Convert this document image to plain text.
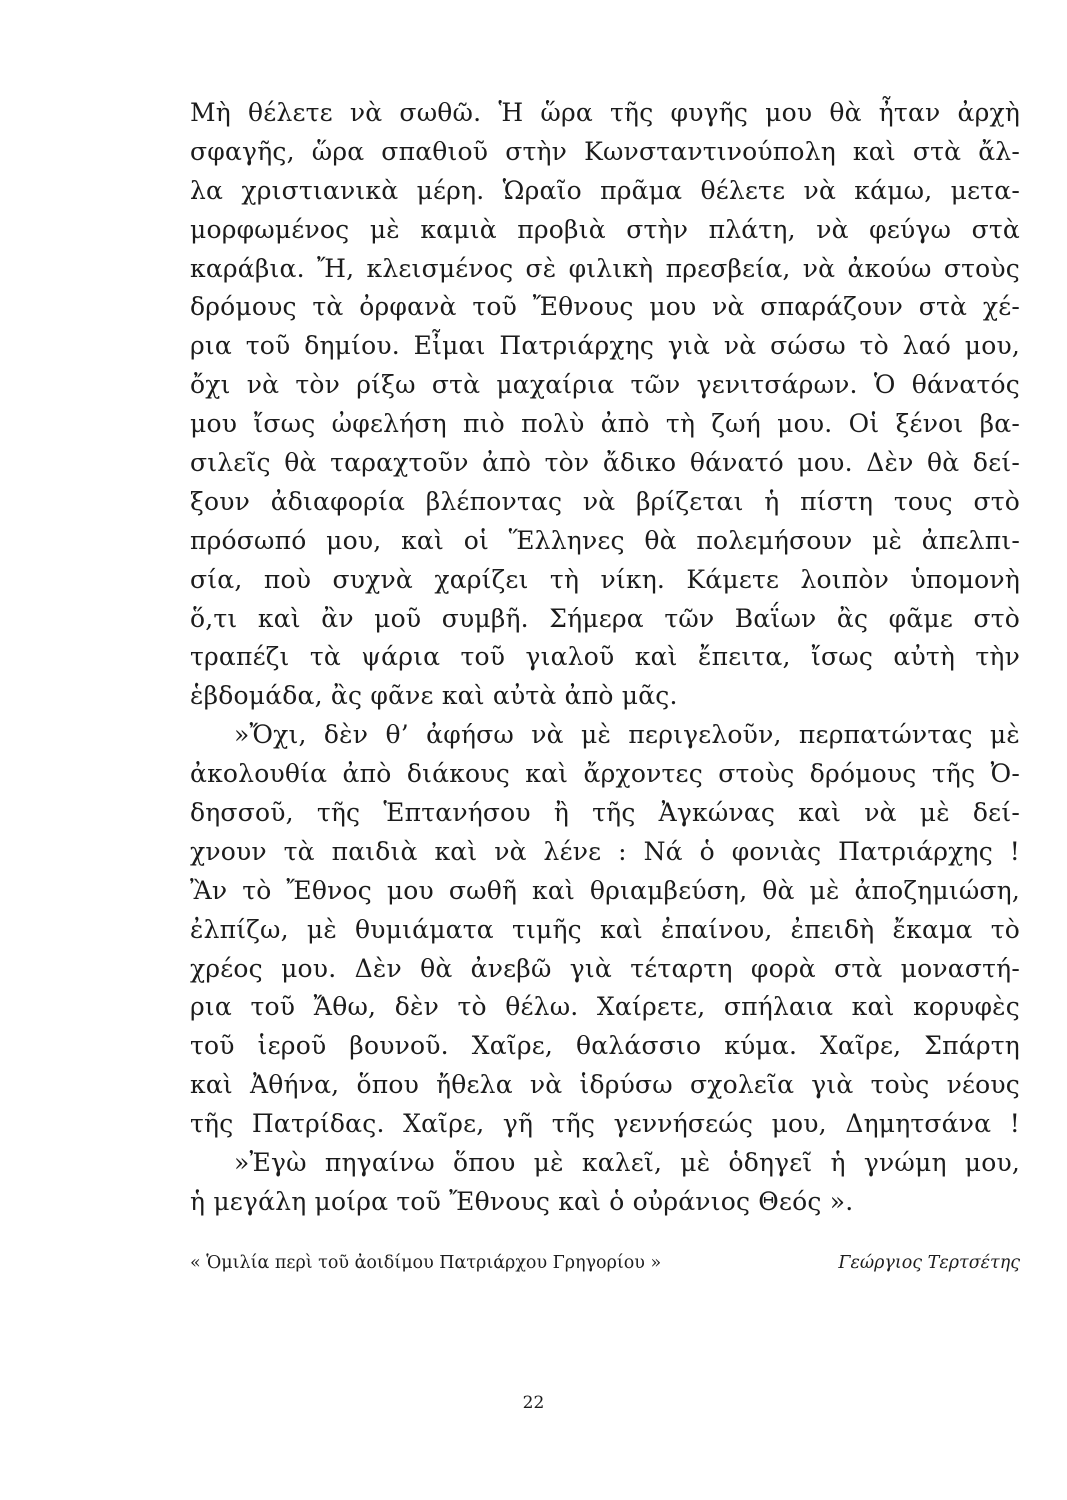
Μὴ θέλετε νὰ σωθῶ. Ἡ ὥρα τῆς φυγῆς μου θὰ ἦταν ἀρχὴ
σφαγῆς, ὥρα σπαθιοῦ στὴν Κωνσταντινούπολη καὶ στὰ ἄλ-
λα χριστιανικὰ μέρη. Ὡραῖο πρᾶμα θέλετε νὰ κάμω, μετα-
μορφωμένος μὲ καμιὰ προβιὰ στὴν πλάτη, νὰ φεύγω στὰ
καράβια. Ἤ, κλεισμένος σὲ φιλικὴ πρεσβεία, νὰ ἀκούω στοὺς
δρόμους τὰ ὀρφανὰ τοῦ Ἔθνους μου νὰ σπαράζουν στὰ χέ-
ρια τοῦ δημίου. Εἶμαι Πατριάρχης γιὰ νὰ σώσω τὸ λαό μου,
ὄχι νὰ τὸν ρίξω στὰ μαχαίρια τῶν γενιτσάρων. Ὁ θάνατός
μου ἴσως ὠφελήση πιὸ πολὺ ἀπὸ τὴ ζωή μου. Οἱ ξένοι βα-
σιλεῖς θὰ ταραχτοῦν ἀπὸ τὸν ἄδικο θάνατό μου. Δὲν θὰ δεί-
ξουν ἀδιαφορία βλέποντας νὰ βρίζεται ἡ πίστη τους στὸ
πρόσωπό μου, καὶ οἱ Ἕλληνες θὰ πολεμήσουν μὲ ἀπελπι-
σία, ποὺ συχνὰ χαρίζει τὴ νίκη. Κάμετε λοιπὸν ὑπομονὴ
ὅ,τι καὶ ἂν μοῦ συμβῆ. Σήμερα τῶν Βαΐων ἂς φᾶμε στὸ
τραπέζι τὰ ψάρια τοῦ γιαλοῦ καὶ ἔπειτα, ἴσως αὐτὴ τὴν
ἑβδομάδα, ἂς φᾶνε καὶ αὐτὰ ἀπὸ μᾶς.
»Ὄχι, δὲν θ’ ἀφήσω νὰ μὲ περιγελοῦν, περπατώντας μὲ
ἀκολουθία ἀπὸ διάκους καὶ ἄρχοντες στοὺς δρόμους τῆς Ὀ-
δησσοῦ, τῆς Ἑπτανήσου ἢ τῆς Ἀγκώνας καὶ νὰ μὲ δεί-
χνουν τὰ παιδιὰ καὶ νὰ λένε : Νά ὁ φονιὰς Πατριάρχης !
Ἂν τὸ Ἔθνος μου σωθῆ καὶ θριαμβεύση, θὰ μὲ ἀποζημιώση,
ἐλπίζω, μὲ θυμιάματα τιμῆς καὶ ἐπαίνου, ἐπειδὴ ἔκαμα τὸ
χρέος μου. Δὲν θὰ ἀνεβῶ γιὰ τέταρτη φορὰ στὰ μοναστή-
ρια τοῦ Ἄθω, δὲν τὸ θέλω. Χαίρετε, σπήλαια καὶ κορυφὲς
τοῦ ἱεροῦ βουνοῦ. Χαῖρε, θαλάσσιο κύμα. Χαῖρε, Σπάρτη
καὶ Ἀθήνα, ὅπου ἤθελα νὰ ἱδρύσω σχολεῖα γιὰ τοὺς νέους
τῆς Πατρίδας. Χαῖρε, γῆ τῆς γεννήσεώς μου, Δημητσάνα !
»Ἐγὼ πηγαίνω ὅπου μὲ καλεῖ, μὲ ὁδηγεῖ ἡ γνώμη μου,
ἡ μεγάλη μοίρα τοῦ Ἔθνους καὶ ὁ οὐράνιος Θεός ».
« Ὁμιλία περὶ τοῦ ἀοιδίμου Πατριάρχου Γρηγορίου »	Γεώργιος Τερτσέτης
22
